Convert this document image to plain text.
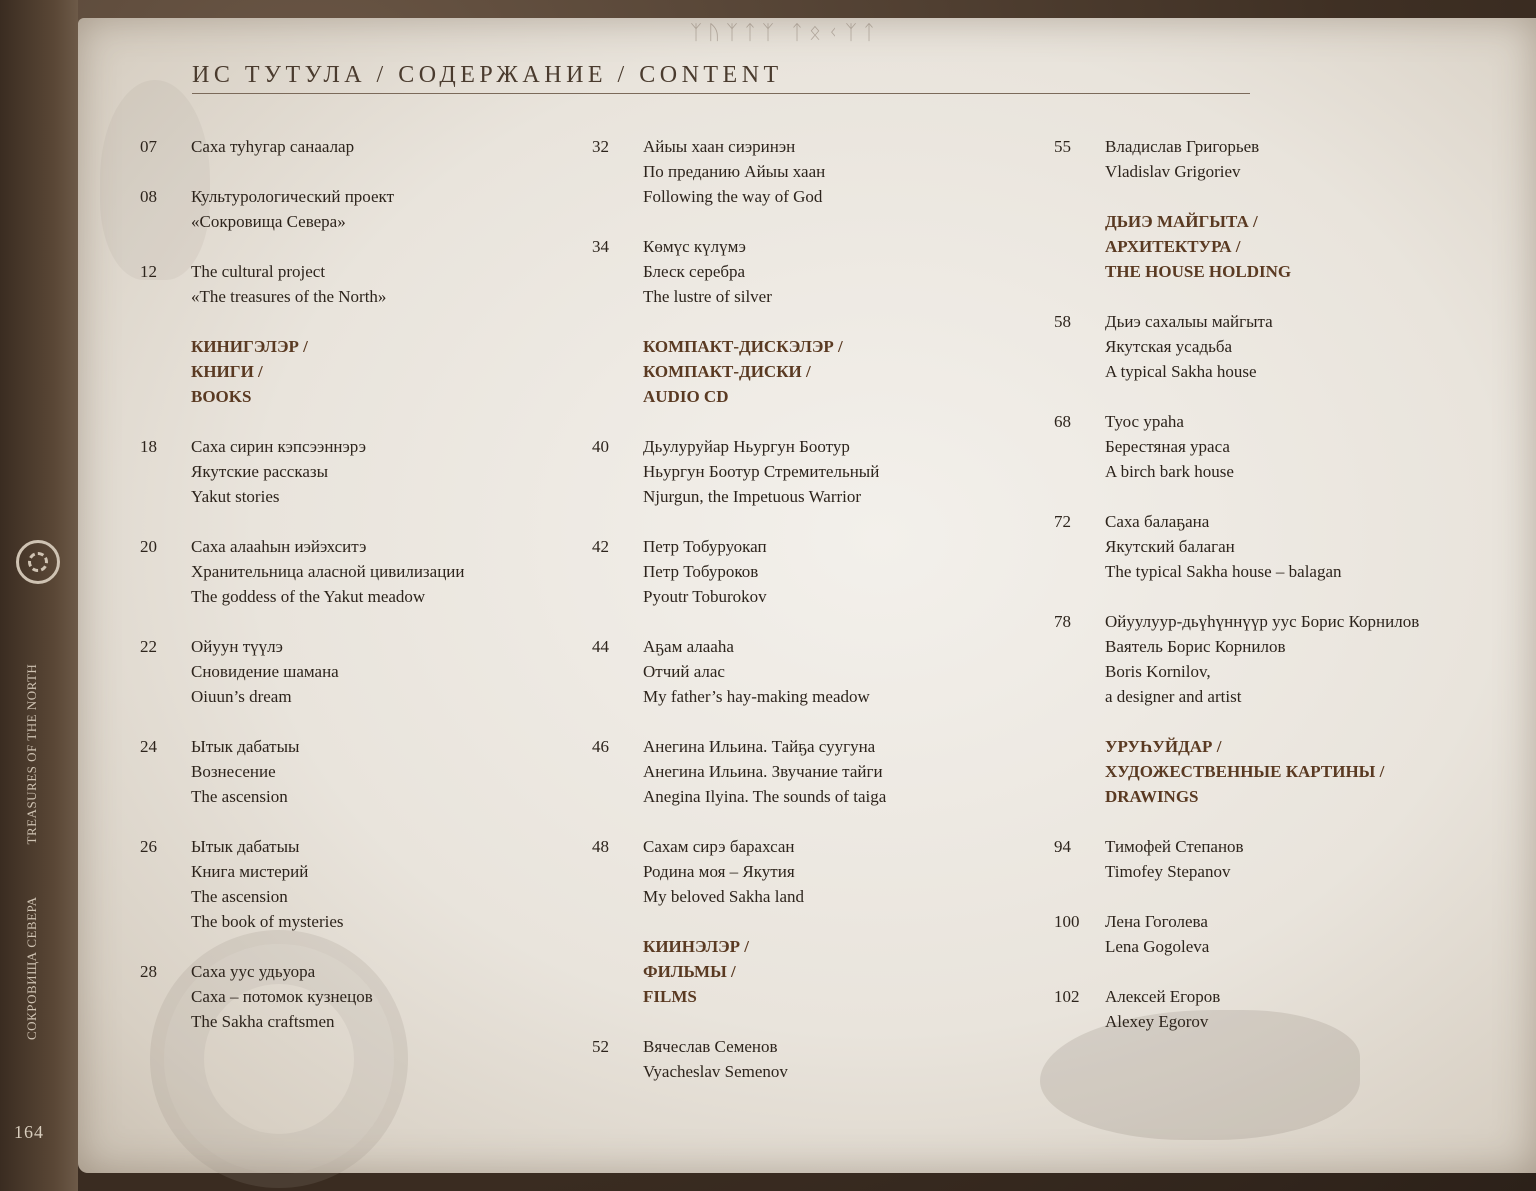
СОКРОВИЩА СЕВЕРАTREASURES OF THE NORTH
164
ᛉᚢᛉᛏᛉ ᛏᛟᚲᛉᛏ
ИС ТУТУЛА / СОДЕРЖАНИЕ / CONTENT
07	Саха туһугар санаалар
08	Культурологический проект
«Сокровища Севера»
12	The cultural project
«The treasures of the North»
КИНИГЭЛЭР /
КНИГИ /
BOOKS
18	Саха сирин кэпсээннэрэ
Якутские рассказы
Yakut stories
20	Саха алааһын иэйэхситэ
Хранительница аласной цивилизации
The goddess of the Yakut meadow
22	Ойуун түүлэ
Сновидение шамана
Oiuun’s dream
24	Ытык дабатыы
Вознесение
The ascension
26	Ытык дабатыы
Книга мистерий
The ascension
The book of mysteries
28	Саха уус удьуора
Саха – потомок кузнецов
The Sakha craftsmen
32	Айыы хаан сиэринэн
По преданию Айыы хаан
Following the way of God
34	Көмүс күлүмэ
Блеск серебра
The lustre of silver
КОМПАКТ-ДИСКЭЛЭР /
КОМПАКТ-ДИСКИ /
AUDIO CD
40	Дьулуруйар Ньургун Боотур
Ньургун Боотур Стремительный
Njurgun, the Impetuous Warrior
42	Петр Тобуруокап
Петр Тобуроков
Pyoutr Toburokov
44	Аҕам алааһа
Отчий алас
My father’s hay-making meadow
46	Анегина Ильина. Тайҕа суугуна
Анегина Ильина. Звучание тайги
Anegina Ilyina. The sounds of taiga
48	Сахам сирэ барахсан
Родина моя – Якутия
My beloved Sakha land
КИИНЭЛЭР /
ФИЛЬМЫ /
FILMS
52	Вячеслав Семенов
Vyacheslav Semenov
55	Владислав Григорьев
Vladislav Grigoriev
ДЬИЭ МАЙГЫТА /
АРХИТЕКТУРА /
THE HOUSE HOLDING
58	Дьиэ сахалыы майгыта
Якутская усадьба
A typical Sakha house
68	Туос ураһа
Берестяная ураса
A birch bark house
72	Саха балаҕана
Якутский балаган
The typical Sakha house – balagan
78	Ойуулуур-дьүһүннүүр уус Борис Корнилов
Ваятель Борис Корнилов
Boris Kornilov,
a designer and artist
УРУҺУЙДАР /
ХУДОЖЕСТВЕННЫЕ КАРТИНЫ /
DRAWINGS
94	Тимофей Степанов
Timofey Stepanov
100	Лена Гоголева
Lena Gogoleva
102	Алексей Егоров
Alexey Egorov
